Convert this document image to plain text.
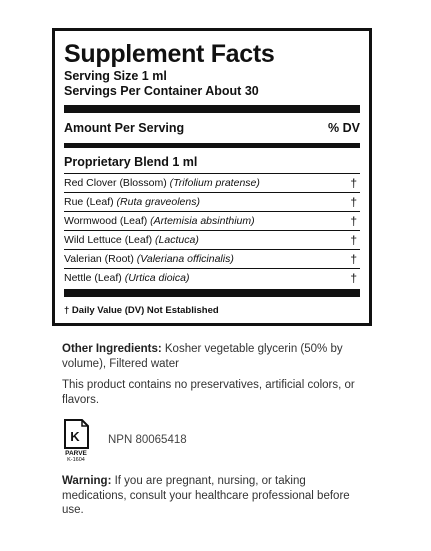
Supplement Facts
Serving Size 1 ml
Servings Per Container About 30
Amount Per Serving	% DV
Proprietary Blend 1 ml
Red Clover (Blossom) (Trifolium pratense)	†
Rue (Leaf) (Ruta graveolens)	†
Wormwood (Leaf) (Artemisia absinthium)	†
Wild Lettuce (Leaf) (Lactuca)	†
Valerian (Root) (Valeriana officinalis)	†
Nettle (Leaf) (Urtica dioica)	†
† Daily Value (DV) Not Established
Other Ingredients: Kosher vegetable glycerin (50% by volume), Filtered water
This product contains no preservatives, artificial colors, or flavors.
K
PARVE
K-1604
NPN 80065418
Warning: If you are pregnant, nursing, or taking medications, consult your healthcare professional before use.
